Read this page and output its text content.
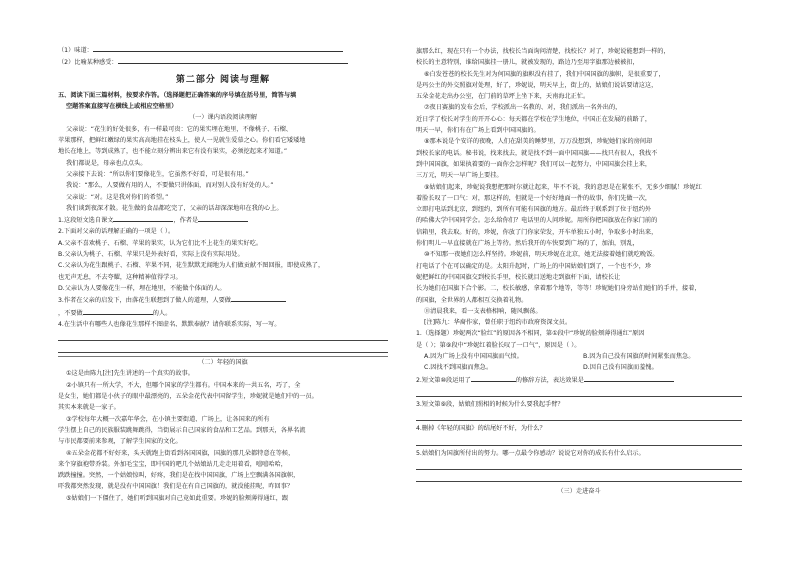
（1）味道：
（2）比喻某种感受：
第二部分 阅读与理解
五、阅读下面三篇材料，按要求作答。（选择题把正确答案的序号填在括号里，简答与填
空题答案直接写在横线上或相应空格里）
（一）课内语段阅读理解
父亲说：“花生的好处很多，有一样最可贵：它的果实埋在地里，不像桃子、石榴、
苹果那样，把鲜红嫩绿的果实高高地挂在枝头上，使人一见就生爱慕之心。你们看它矮矮地
地长在地上，等到成熟了，也不能立刻分辨出来它有没有果实，必须挖起来才知道。”
我们都说是，母亲也点点头。
父亲接下去说：“所以你们要像花生，它虽然不好看，可是很有用。”
我说：“那么，人要做有用的人，不要做只讲体面，而对别人没有好处的人。”
父亲说：“对。这是我对你们的希望。”
我们谈到夜深才散。花生做的食品都吃完了，父亲的话却深深地印在我的心上。
1.这段短文选自课文	，作者是
2.下面对父亲的话理解正确的一项是（ ）。
A.父亲不喜欢桃子、石榴、苹果的果实，认为它们比不上花生的果实好吃。
B.父亲认为桃子、石榴、苹果只是外表好看，实际上没有实际用处。
C.父亲认为花生跟桃子、石榴、苹果不同，花生默默无闻地为人们做贡献不图回报，即使成熟了，
也无声无息，不去夸耀，这种精神值得学习。
D.父亲认为人要像花生一样，埋在地里，不能做个体面的人。
3.作者在父亲的启发下，由落花生联想到了做人的道理，人要做
，不要做	的人。
4.在生活中有哪些人也像花生那样不图虚名、默默奉献？请你联系实际，写一写。
（二）年轻的国旗
①这是由陈九[注]先生讲述的一个真实的故事。
②小镇只有一所大学，不大，但哪个国家的学生都有。中国本来的一共五名，巧了，全
是女生，她们都是小伙子的眼中最漂亮的，五朵金花代表中国留学生，珍妮就是她们中的一员。
其实本来就是一家子。
③学校每年大概一次嘉年华会，在小镇主要街道、广场上，让各国来的所有
学生摆上自己的民族服装跳舞跳得，当街展示自己国家的食品和工艺品。到那天，各界名流
与市民都要前来参观，了解学生国家的文化。
④五朵金花都不好好来，头天就跑上街看到各国国旗，国旗的那几朵都特意在等候，
来个穿旗袍带乔装。外加毛宝宝，即中国的吧几个姑娘站几走走用着看，嘻嘻哈哈，
跌跌撞撞。突然，一个姑娘惊叫，好疼，我们是在找中国国旗，广场上空飘满各国旗帜，
吓我都突然发现，就是没有中国国旗！我们是在有自己国旗的，就没能挂呢，咋回事？
⑤姑娘们一下僵住了，她们听到国旗对自己竟如此重要。珍妮的脸颊薄得通红，跟
旗那么红，现在只有一个办法，找校长当面询问清楚，找校长？对了，珍妮说能想到一样的，
校长的主意特别，谁给国旗挂一册儿，就被发现的，路边乃至用字旗那边被被扣，
⑥白发苍苍的校长先生对为何国旗的旗帜没有挂了，我们中国国旗的旗帜，是很重要了，
是玛公主的外交照旗对处理，好了，珍妮说，明天早上，街上的，姑娘们说话要请这这，
五朵金花走出办公室，在门前的草坪上坐下来，天南海北正忙。
⑦夜日赛旗的发布会后，学校派出一名教的、对，我们派出一名外出的，
近日学了校长对学生的开开心心：每天都在学校在学生地位，中国正在发展的前路了，
明天一早，你们有在广场上看到中国国旗的。
⑧那本说是个安详的夜晚，人们在甜美的睡梦里，万万没想到，珍妮她们家的房间却
到校长家的电话。秘书说，找来找去，就是找不到一面中国国旗——找只有很人，我找不
到中国国旗，如果执着要的一面你会怎样呢？我们可以一起努力，中国国旗会挂上来，
三万元，明天一早广场上要挂。
⑨姑娘们起来，珍妮说我想把那时尔就让起来，毕不不说，我的意思是在紧张不，无多少细腻！珍妮红
着脸长叹了一口气：对，那这样的，但就是一个好好地面一件的故事，你们先做一次，
立即打电话到北京，到纽约，到所有可能有国旗的地方。最后终于联系到了位于纽约外
的哈佛大学中国同学会。怎么给你们？电话里的人问珍妮。用所你把国旗放在你家门前的
信箱里，我去取。好的，珍妮，你放了门你家荣发，开车单独五小时，争取多小时出来，
你们明儿一早直接就在广场上等待。然后我开的车快要到广场的了，加油，别乱，
⑩不知那一夜她们怎么样坚持。珍妮前，明天珍妮在北京，她无法接着她们就吃晚饭。
打电话了个在可以确定的是。太阳升起时，广场上的中国姑娘们到了，一个也不少，珍
妮把鲜红的中国国旗交到校长手里，校长就目送地走到旗杆下面，请校长让
长为她们在国旗下合个影。二，校长敏感，拿着那个地等，等等！珍妮她们身旁站们她们的手并，接着，
的国旗，全世界的人都相互交换着礼物。
⑪清晨我来，看一支表格相响，随风飘荡。
[注]陈九：华裔作家，曾任职于纽约市政府资深文员。
1.（选择题）珍妮两次“脸红”的原因各不相同，第①段中“珍妮的脸颊薄得通红”原因
是（ ）；第⑨段中“珍妮红着脸长叹了一口气”，原因是（ ）。
A.因为广场上没有中国国旗而气愤。	B.因为自己没有国旗的时间紧张而焦急。
C.因找不到国旗而焦急。	D.因自己没有国旗而羞愧。
2.短文第⑩段运用了	的修辞方法，表达效果是
3.短文第⑨段，姑娘们照相的时候为什么要我起手臂？
4.删掉《年轻的国旗》的结尾好不好，为什么？
5.姑娘们为国旗所付出的努力。哪一点最令你感动？说说它对你的成长有什么启示。
（三）走进奋斗
